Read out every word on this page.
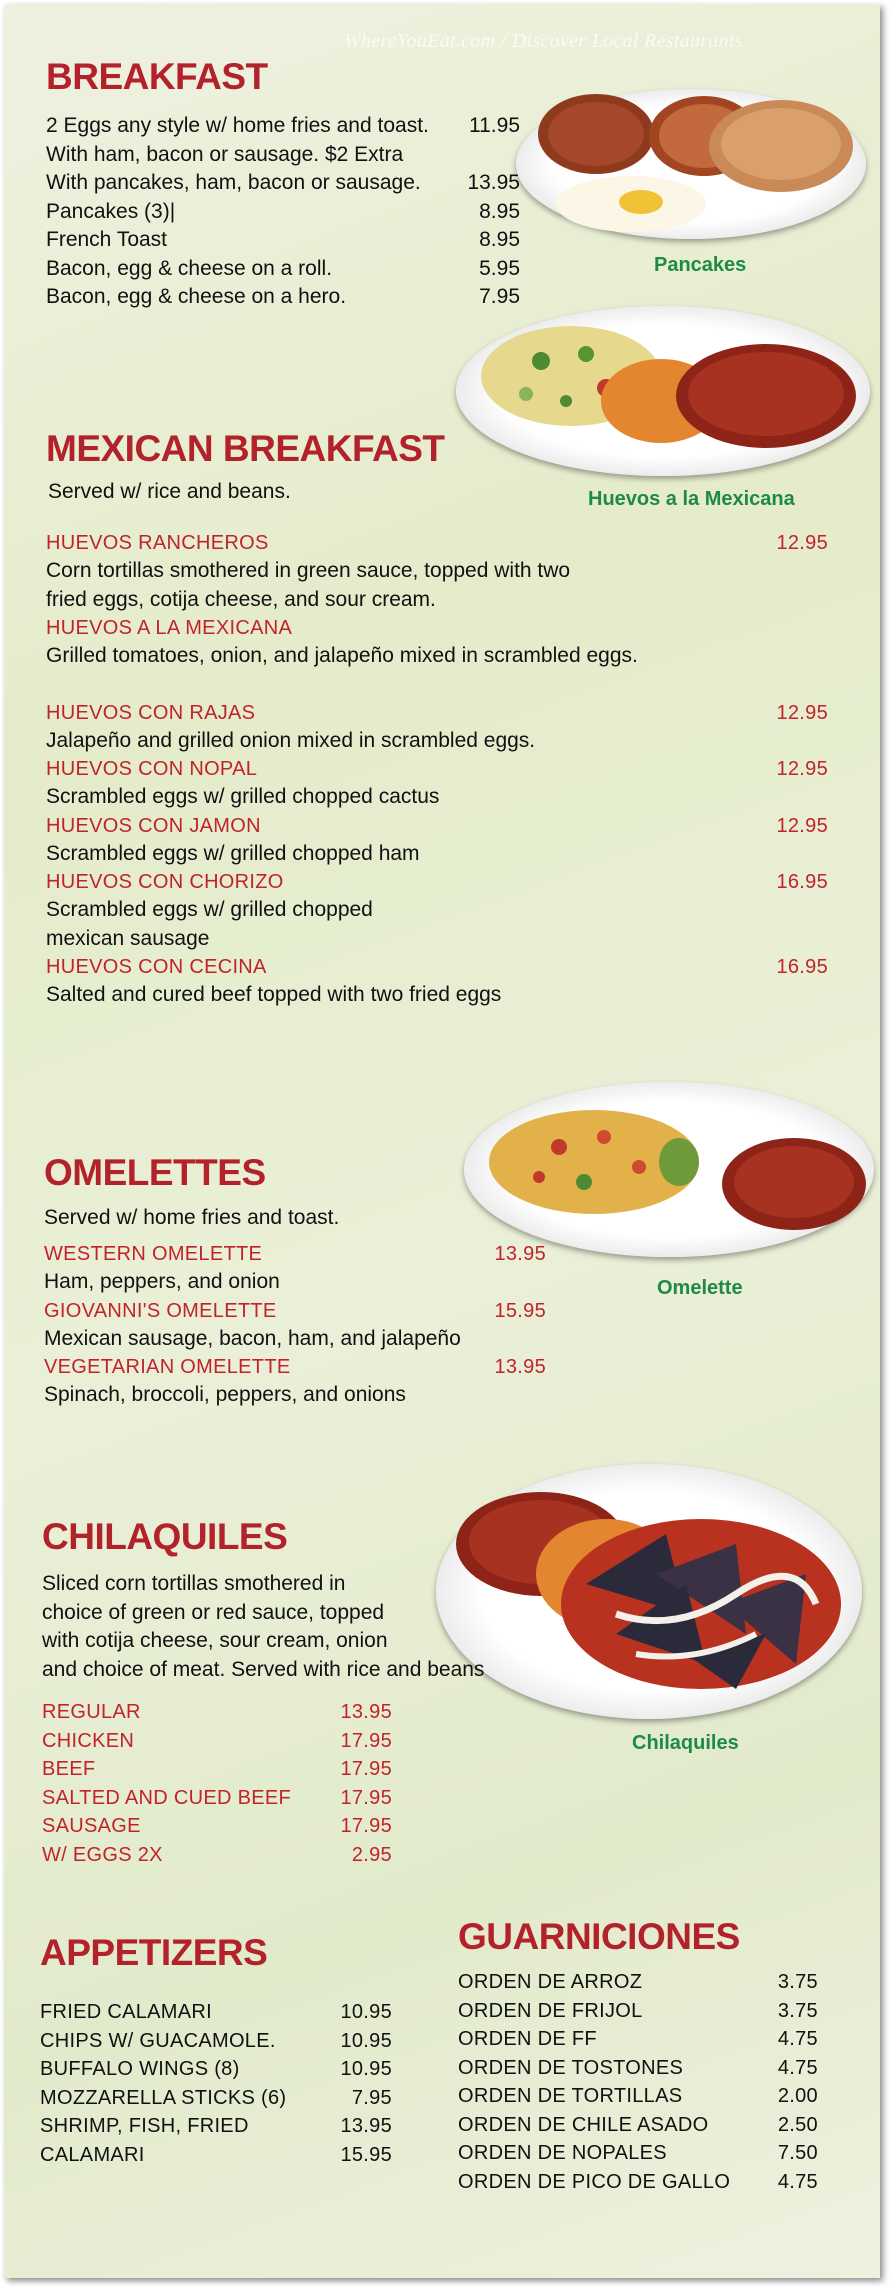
WhereYouEat.com / Discover Local Restaurants
BREAKFAST
2 Eggs any style w/ home fries and toast. 11.95
With ham, bacon or sausage. $2 Extra
With pancakes, ham, bacon or sausage. 13.95
Pancakes (3)|	8.95
French Toast	8.95
Bacon, egg & cheese on a roll.	5.95
Bacon, egg & cheese on a hero.	7.95
Pancakes
Huevos a la Mexicana
MEXICAN BREAKFAST
Served w/ rice and beans.
HUEVOS RANCHEROS	12.95
Corn tortillas smothered in green sauce, topped with two
fried eggs, cotija cheese, and sour cream.
HUEVOS A LA MEXICANA
Grilled tomatoes, onion, and jalapeño mixed in scrambled eggs.
HUEVOS CON RAJAS	12.95
Jalapeño and grilled onion mixed in scrambled eggs.
HUEVOS CON NOPAL	12.95
Scrambled eggs w/ grilled chopped cactus
HUEVOS CON JAMON	12.95
Scrambled eggs w/ grilled chopped ham
HUEVOS CON CHORIZO	16.95
Scrambled eggs w/ grilled chopped
mexican sausage
HUEVOS CON CECINA	16.95
Salted and cured beef topped with two fried eggs
Omelette
OMELETTES
Served w/ home fries and toast.
WESTERN OMELETTE	13.95
Ham, peppers, and onion
GIOVANNI'S OMELETTE	15.95
Mexican sausage, bacon, ham, and jalapeño
VEGETARIAN OMELETTE	13.95
Spinach, broccoli, peppers, and onions
Chilaquiles
CHILAQUILES
Sliced corn tortillas smothered in
choice of green or red sauce, topped
with cotija cheese, sour cream, onion
and choice of meat. Served with rice and beans
REGULAR	13.95
CHICKEN	17.95
BEEF	17.95
SALTED AND CUED BEEF 17.95
SAUSAGE	17.95
W/ EGGS 2X	2.95
APPETIZERS
FRIED CALAMARI	10.95
CHIPS W/ GUACAMOLE.	10.95
BUFFALO WINGS (8)	10.95
MOZZARELLA STICKS (6)	7.95
SHRIMP, FISH, FRIED	13.95
CALAMARI	15.95
GUARNICIONES
ORDEN DE ARROZ	3.75
ORDEN DE FRIJOL	3.75
ORDEN DE FF	4.75
ORDEN DE TOSTONES	4.75
ORDEN DE TORTILLAS	2.00
ORDEN DE CHILE ASADO	2.50
ORDEN DE NOPALES	7.50
ORDEN DE PICO DE GALLO 4.75
